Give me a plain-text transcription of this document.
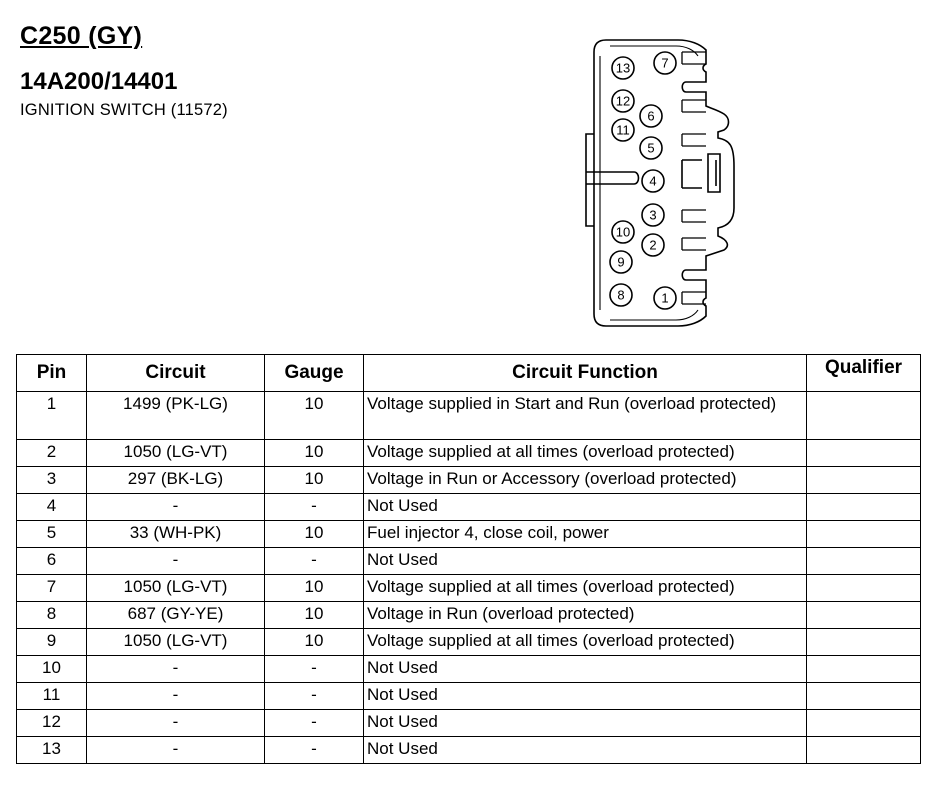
C250 (GY)
14A200/14401

IGNITION SWITCH (11572)

13
12
11
10
9
8
7
6
5
4
3
2
1
Pin	Circuit	Gauge	Circuit Function	Qualifier
1	1499 (PK-LG)	10	Voltage supplied in Start and Run (overload protected)	
2	1050 (LG-VT)	10	Voltage supplied at all times (overload protected)	
3	297 (BK-LG)	10	Voltage in Run or Accessory (overload protected)	
4	-	-	Not Used	
5	33 (WH-PK)	10	Fuel injector 4, close coil, power	
6	-	-	Not Used	
7	1050 (LG-VT)	10	Voltage supplied at all times (overload protected)	
8	687 (GY-YE)	10	Voltage in Run (overload protected)	
9	1050 (LG-VT)	10	Voltage supplied at all times (overload protected)	
10	-	-	Not Used	
11	-	-	Not Used	
12	-	-	Not Used	
13	-	-	Not Used	
